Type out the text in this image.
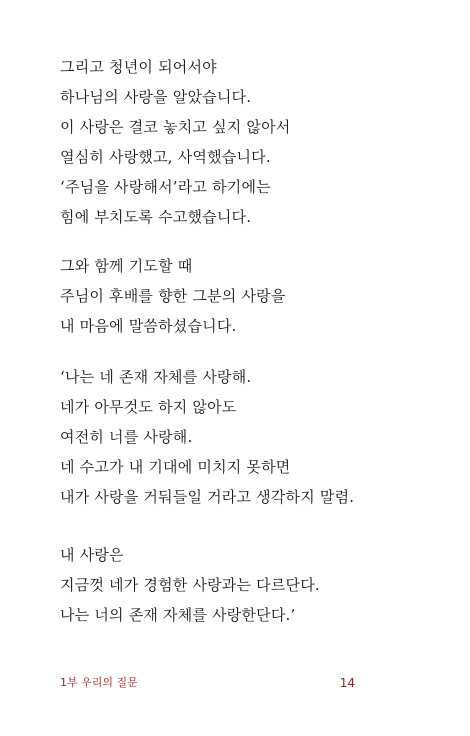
그리고 청년이 되어서야
하나님의 사랑을 알았습니다.
이 사랑은 결코 놓치고 싶지 않아서
열심히 사랑했고, 사역했습니다.
‘주님을 사랑해서’라고 하기에는
힘에 부치도록 수고했습니다.
그와 함께 기도할 때
주님이 후배를 향한 그분의 사랑을
내 마음에 말씀하셨습니다.
‘나는 네 존재 자체를 사랑해.
네가 아무것도 하지 않아도
여전히 너를 사랑해.
네 수고가 내 기대에 미치지 못하면
내가 사랑을 거둬들일 거라고 생각하지 말렴.
내 사랑은
지금껏 네가 경험한 사랑과는 다르단다.
나는 너의 존재 자체를 사랑한단다.’
1부 우리의 질문	14
